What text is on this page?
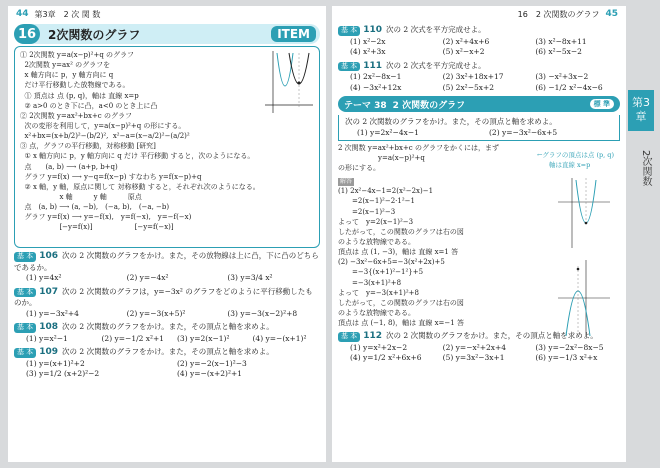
44 第3章　2 次 関 数
16 2次関数のグラフ	ITEM

① 2次関数 y=a(x−p)²+q のグラフ

2次関数 y=ax² のグラフを

x 軸方向に p，y 軸方向に q

だけ平行移動した放物線である。

① 頂点は 点 (p, q)，軸は 直線 x=p

② a>0 のとき下に凸，a<0 のとき上に凸

② 2次関数 y=ax²+bx+c のグラフ

次の変形を利用して，y=a(x−p)²+q の形にする。

x²+bx=(x+b/2)²−(b/2)²,  x²−a=(x−a/2)²−(a/2)²

③ 点，グラフの平行移動，対称移動 [研究]

① x 軸方向に p，y 軸方向に q だけ 平行移動 すると，次のようになる。

点　　(a, b) ⟶ (a+p, b+q)

グラフ y=f(x) ⟶ y−q=f(x−p) すなわち y=f(x−p)+q

② x 軸，y 軸，原点に関して 対称移動 すると，それぞれ次のようになる。

　　　　　x 軸　　　y 軸　　　原点

点　(a, b) ⟶ (a, −b),　(−a, b),　(−a, −b)

グラフ y=f(x) ⟶ y=−f(x),　y=f(−x),　y=−f(−x)

　　　　　[−y=f(x)]　　　　　　[−y=f(−x)]

基 本 106 次の 2 次関数のグラフをかけ。また，その放物線は上に凸，下に凸のどちらであるか。
(1) y=4x²	(2) y=−4x²	(3) y=3/4 x²
基 本 107 次の 2 次関数のグラフは，y=−3x² のグラフをどのように平行移動したものか。
(1) y=−3x²+4	(2) y=−3(x+5)²	(3) y=−3(x−2)²+8
基 本 108 次の 2 次関数のグラフをかけ。また，その頂点と軸を求めよ。
(1) y=x²−1	(2) y=−1/2 x²+1	(3) y=2(x−1)²	(4) y=−(x+1)²
基 本 109 次の 2 次関数のグラフをかけ。また，その頂点と軸を求めよ。
(1) y=(x+1)²+2	(2) y=−2(x−1)²−3
(3) y=1/2 (x+2)²−2	(4) y=−(x+2)²+1
16　2 次関数のグラフ 45
基 本 110 次の 2 次式を平方完成せよ。
(1) x²−2x	(2) x²+4x+6	(3) x²−8x+11
(4) x²+3x	(5) x²−x+2	(6) x²−5x−2
基 本 111 次の 2 次式を平方完成せよ。
(1) 2x²−8x−1	(2) 3x²+18x+17	(3) −x²+3x−2
(4) −3x²+12x	(5) 2x²−5x+2	(6) −1/2 x²−4x−6
テーマ 38 2 次関数のグラフ	標 準
次の 2 次関数のグラフをかけ。また，その頂点と軸を求めよ。
(1) y=2x²−4x−1	(2) y=−3x²−6x+5

2 次関数 y=ax²+bx+c のグラフをかくには，まず

y=a(x−p)²+q

の形にする。

←グラフの頂点は点 (p, q)
軸は直線 x=p
解答

(1) 2x²−4x−1=2(x²−2x)−1

　　=2(x−1)²−2·1²−1

　　=2(x−1)²−3

よって　y=2(x−1)²−3

したがって，この関数のグラフは右の図

のような放物線である。

頂点は 点 (1, −3)，軸は 直線 x=1 答

(2) −3x²−6x+5=−3(x²+2x)+5

　　=−3{(x+1)²−1²}+5

　　=−3(x+1)²+8

よって　y=−3(x+1)²+8

したがって，この関数のグラフは右の図

のような放物線である。

頂点は 点 (−1, 8)，軸は 直線 x=−1 答

基 本 112 次の 2 次関数のグラフをかけ。また，その頂点と軸を求めよ。
(1) y=x²+2x−2	(2) y=−x²+2x+4	(3) y=−2x²−8x−5
(4) y=1/2 x²+6x+6	(5) y=3x²−3x+1	(6) y=−1/3 x²+x
第3章
2次関数
